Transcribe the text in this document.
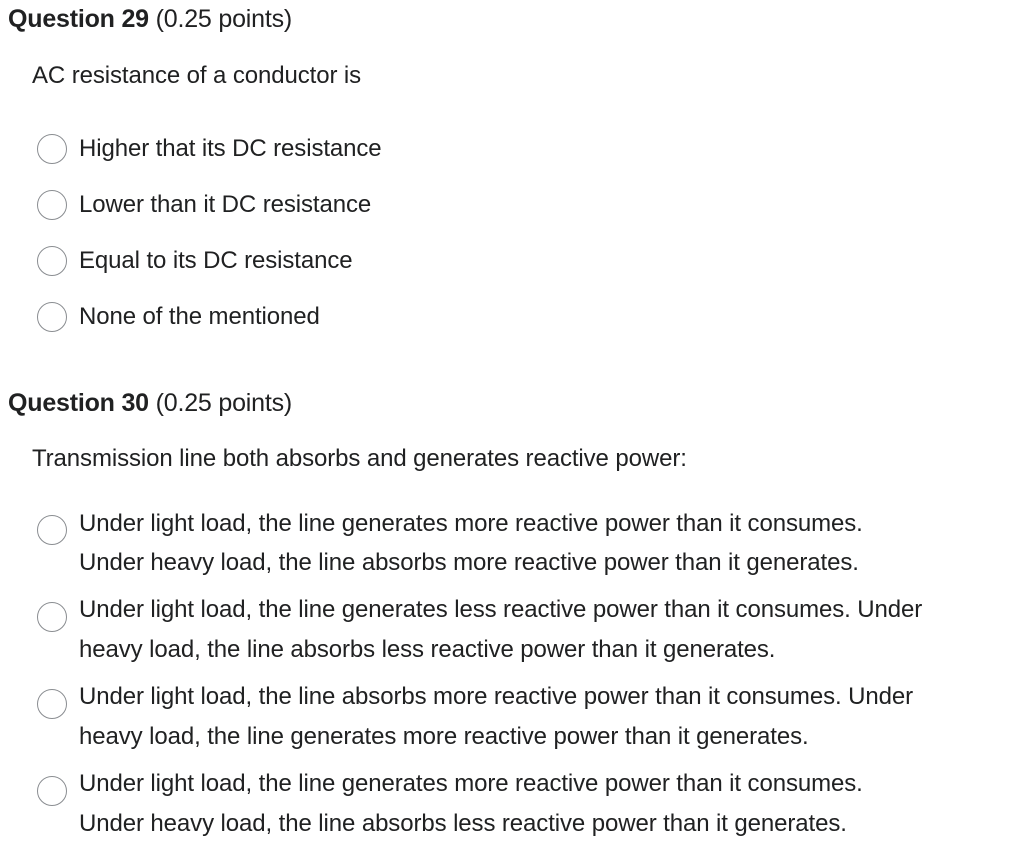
Question 29 (0.25 points)
AC resistance of a conductor is
Higher that its DC resistance
Lower than it DC resistance
Equal to its DC resistance
None of the mentioned
Question 30 (0.25 points)
Transmission line both absorbs and generates reactive power:
Under light load, the line generates more reactive power than it consumes.
Under heavy load, the line absorbs more reactive power than it generates.
Under light load, the line generates less reactive power than it consumes. Under
heavy load, the line absorbs less reactive power than it generates.
Under light load, the line absorbs more reactive power than it consumes. Under
heavy load, the line generates more reactive power than it generates.
Under light load, the line generates more reactive power than it consumes.
Under heavy load, the line absorbs less reactive power than it generates.
